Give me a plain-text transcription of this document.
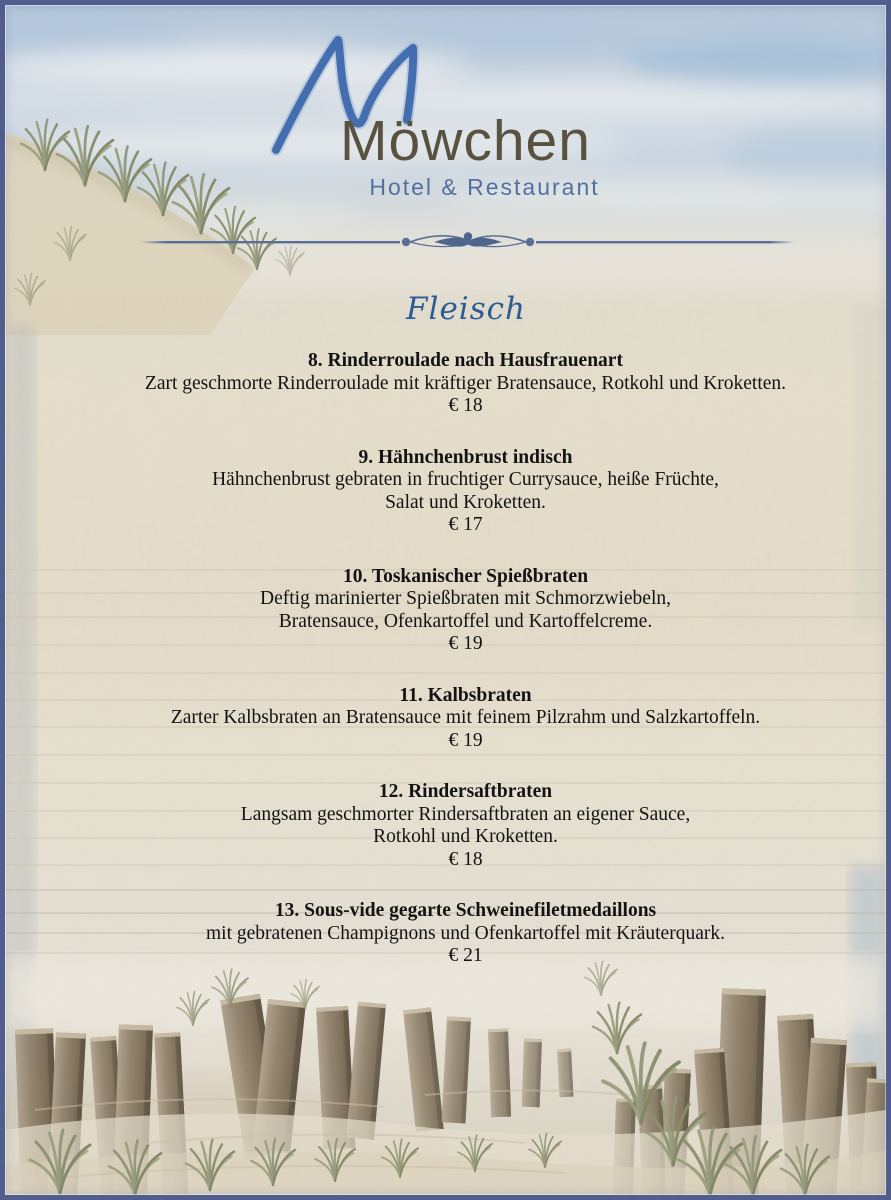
Möwchen
Hotel & Restaurant
Fleisch
8. Rinderroulade nach Hausfrauenart
Zart geschmorte Rinderroulade mit kräftiger Bratensauce, Rotkohl und Kroketten.
€ 18
9. Hähnchenbrust indisch
Hähnchenbrust gebraten in fruchtiger Currysauce, heiße Früchte,
Salat und Kroketten.
€ 17
10. Toskanischer Spießbraten
Deftig marinierter Spießbraten mit Schmorzwiebeln,
Bratensauce, Ofenkartoffel und Kartoffelcreme.
€ 19
11. Kalbsbraten
Zarter Kalbsbraten an Bratensauce mit feinem Pilzrahm und Salzkartoffeln.
€ 19
12. Rindersaftbraten
Langsam geschmorter Rindersaftbraten an eigener Sauce,
Rotkohl und Kroketten.
€ 18
13. Sous-vide gegarte Schweinefiletmedaillons
mit gebratenen Champignons und Ofenkartoffel mit Kräuterquark.
€ 21
